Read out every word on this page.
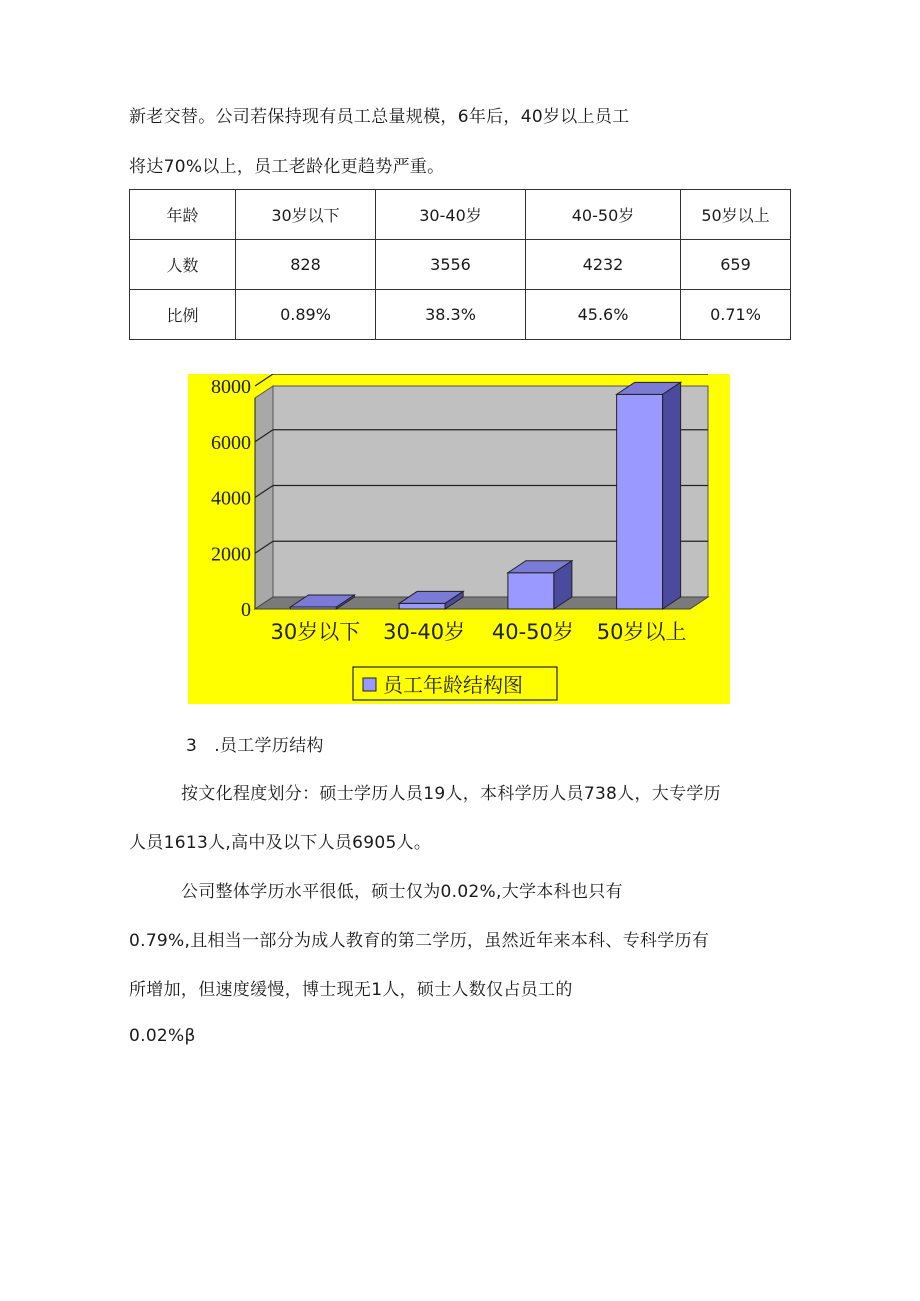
新老交替。公司若保持现有员工总量规模，6年后，40岁以上员工
将达70%以上，员工老龄化更趋势严重。
年龄	30岁以下	30-40岁	40-50岁	50岁以上
人数	828	3556	4232	659
比例	0.89%	38.3%	45.6%	0.71%
0
2000
4000
6000
8000
30岁以下 30-40岁 40-50岁 50岁以上
员工年龄结构图
3   .员工学历结构
按文化程度划分：硕士学历人员19人，本科学历人员738人，大专学历
人员1613人,高中及以下人员6905人。
公司整体学历水平很低，硕士仅为0.02%,大学本科也只有
0.79%,且相当一部分为成人教育的第二学历，虽然近年来本科、专科学历有
所增加，但速度缓慢，博士现无1人，硕士人数仅占员工的
0.02%β
